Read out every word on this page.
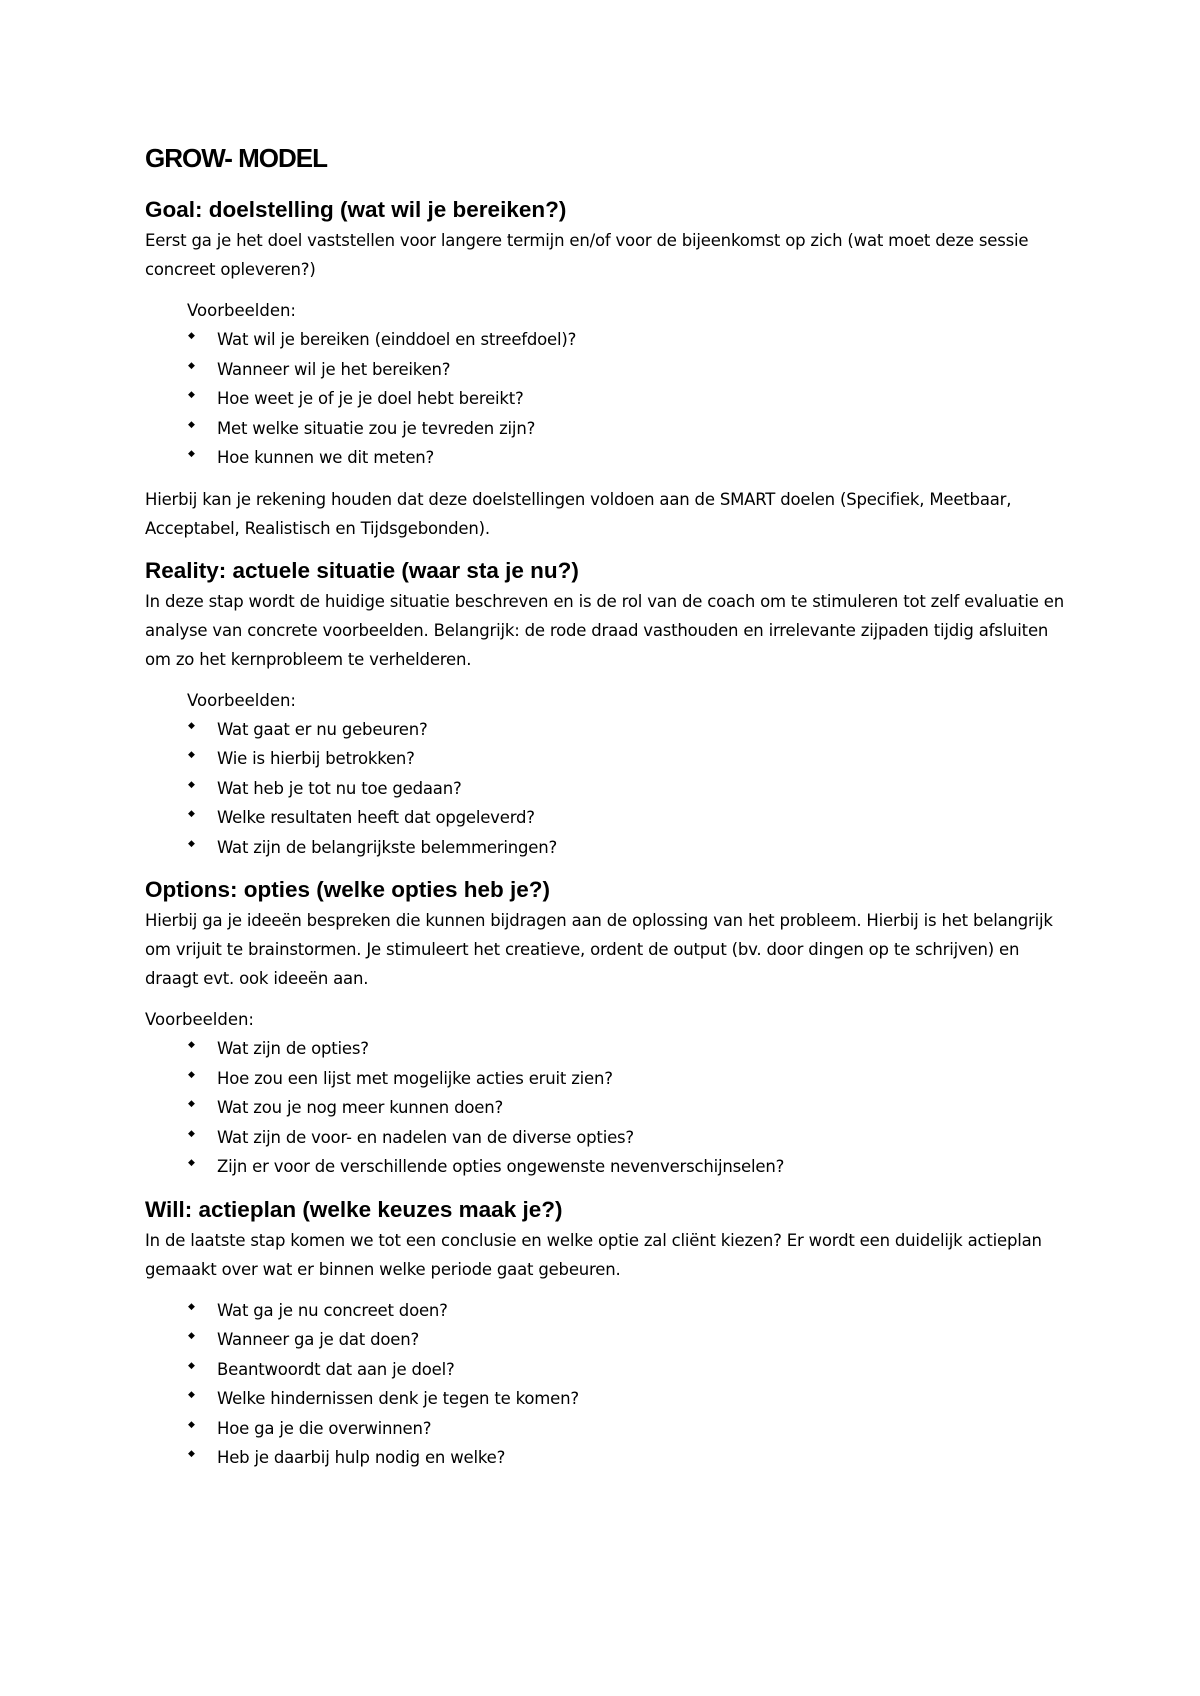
GROW- MODEL
Goal: doelstelling (wat wil je bereiken?)

Eerst ga je het doel vaststellen voor langere termijn en/of voor de bijeenkomst op zich (wat moet deze sessie concreet opleveren?)

Voorbeelden:

◆ Wat wil je bereiken (einddoel en streefdoel)?
◆ Wanneer wil je het bereiken?
◆ Hoe weet je of je je doel hebt bereikt?
◆ Met welke situatie zou je tevreden zijn?
◆ Hoe kunnen we dit meten?

Hierbij kan je rekening houden dat deze doelstellingen voldoen aan de SMART doelen (Specifiek, Meetbaar, Acceptabel, Realistisch en Tijdsgebonden).

Reality: actuele situatie (waar sta je nu?)

In deze stap wordt de huidige situatie beschreven en is de rol van de coach om te stimuleren tot zelf evaluatie en analyse van concrete voorbeelden. Belangrijk: de rode draad vasthouden en irrelevante zijpaden tijdig afsluiten om zo het kernprobleem te verhelderen.

Voorbeelden:

◆ Wat gaat er nu gebeuren?
◆ Wie is hierbij betrokken?
◆ Wat heb je tot nu toe gedaan?
◆ Welke resultaten heeft dat opgeleverd?
◆ Wat zijn de belangrijkste belemmeringen?
Options: opties (welke opties heb je?)

Hierbij ga je ideeën bespreken die kunnen bijdragen aan de oplossing van het probleem. Hierbij is het belangrijk om vrijuit te brainstormen. Je stimuleert het creatieve, ordent de output (bv. door dingen op te schrijven) en draagt evt. ook ideeën aan.

Voorbeelden:

◆ Wat zijn de opties?
◆ Hoe zou een lijst met mogelijke acties eruit zien?
◆ Wat zou je nog meer kunnen doen?
◆ Wat zijn de voor- en nadelen van de diverse opties?
◆ Zijn er voor de verschillende opties ongewenste nevenverschijnselen?
Will: actieplan (welke keuzes maak je?)

In de laatste stap komen we tot een conclusie en welke optie zal cliënt kiezen? Er wordt een duidelijk actieplan gemaakt over wat er binnen welke periode gaat gebeuren.

◆ Wat ga je nu concreet doen?
◆ Wanneer ga je dat doen?
◆ Beantwoordt dat aan je doel?
◆ Welke hindernissen denk je tegen te komen?
◆ Hoe ga je die overwinnen?
◆ Heb je daarbij hulp nodig en welke?
